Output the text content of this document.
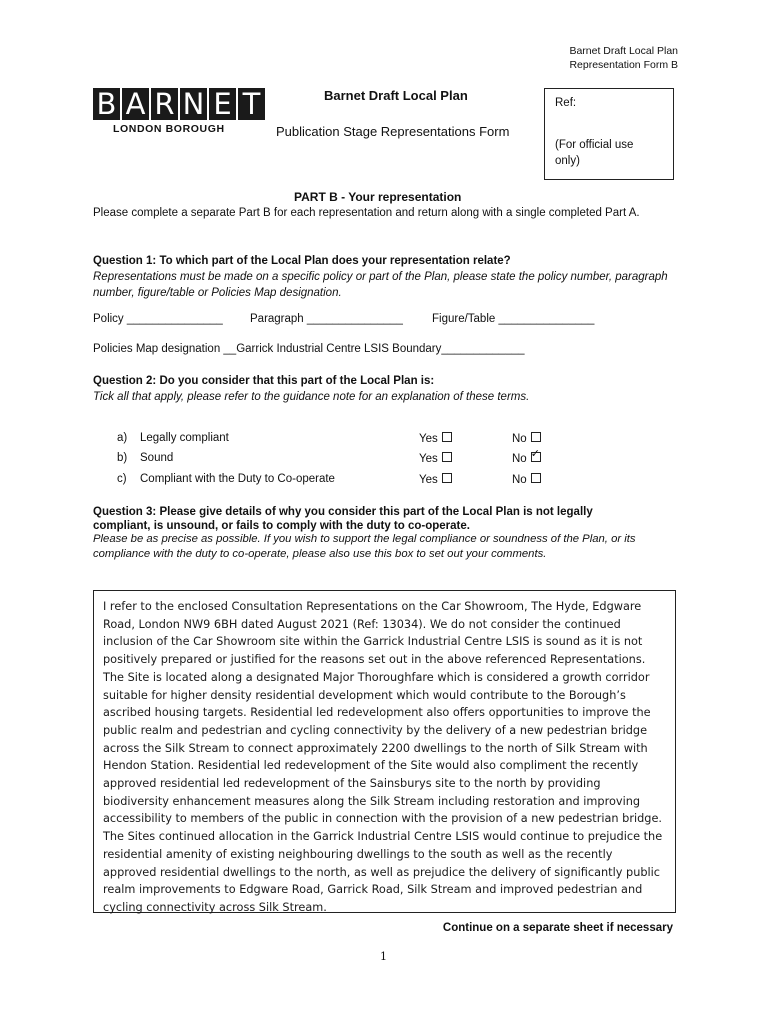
Barnet Draft Local Plan
Representation Form B
B A R N E T
LONDON BOROUGH
Barnet Draft Local Plan
Publication Stage Representations Form
Ref:
(For official use
only)
PART B - Your representation
Please complete a separate Part B for each representation and return along with a single completed Part A.
Question 1: To which part of the Local Plan does your representation relate?
Representations must be made on a specific policy or part of the Plan, please state the policy number, paragraph number, figure/table or Policies Map designation.
Policy _______________ Paragraph _______________	Figure/Table _______________
Policies Map designation __Garrick Industrial Centre LSIS Boundary_____________
Question 2: Do you consider that this part of the Local Plan is:
Tick all that apply, please refer to the guidance note for an explanation of these terms.
a) Legally compliant	Yes	No
b) Sound	Yes	No✓
c) Compliant with the Duty to Co-operate	Yes	No
Question 3: Please give details of why you consider this part of the Local Plan is not legally
compliant, is unsound, or fails to comply with the duty to co-operate.
Please be as precise as possible. If you wish to support the legal compliance or soundness of the Plan, or its compliance with the duty to co-operate, please also use this box to set out your comments.
I refer to the enclosed Consultation Representations on the Car Showroom, The Hyde, Edgware Road, London NW9 6BH dated August 2021 (Ref: 13034). We do not consider the continued inclusion of the Car Showroom site within the Garrick Industrial Centre LSIS is sound as it is not positively prepared or justified for the reasons set out in the above referenced Representations. The Site is located along a designated Major Thoroughfare which is considered a growth corridor suitable for higher density residential development which would contribute to the Borough’s ascribed housing targets. Residential led redevelopment also offers opportunities to improve the public realm and pedestrian and cycling connectivity by the delivery of a new pedestrian bridge across the Silk Stream to connect approximately 2200 dwellings to the north of Silk Stream with Hendon Station. Residential led redevelopment of the Site would also compliment the recently approved residential led redevelopment of the Sainsburys site to the north by providing biodiversity enhancement measures along the Silk Stream including restoration and improving accessibility to members of the public in connection with the provision of a new pedestrian bridge. The Sites continued allocation in the Garrick Industrial Centre LSIS would continue to prejudice the residential amenity of existing neighbouring dwellings to the south as well as the recently approved residential dwellings to the north, as well as prejudice the delivery of significantly public realm improvements to Edgware Road, Garrick Road, Silk Stream and improved pedestrian and cycling connectivity across Silk Stream.
Continue on a separate sheet if necessary
1
